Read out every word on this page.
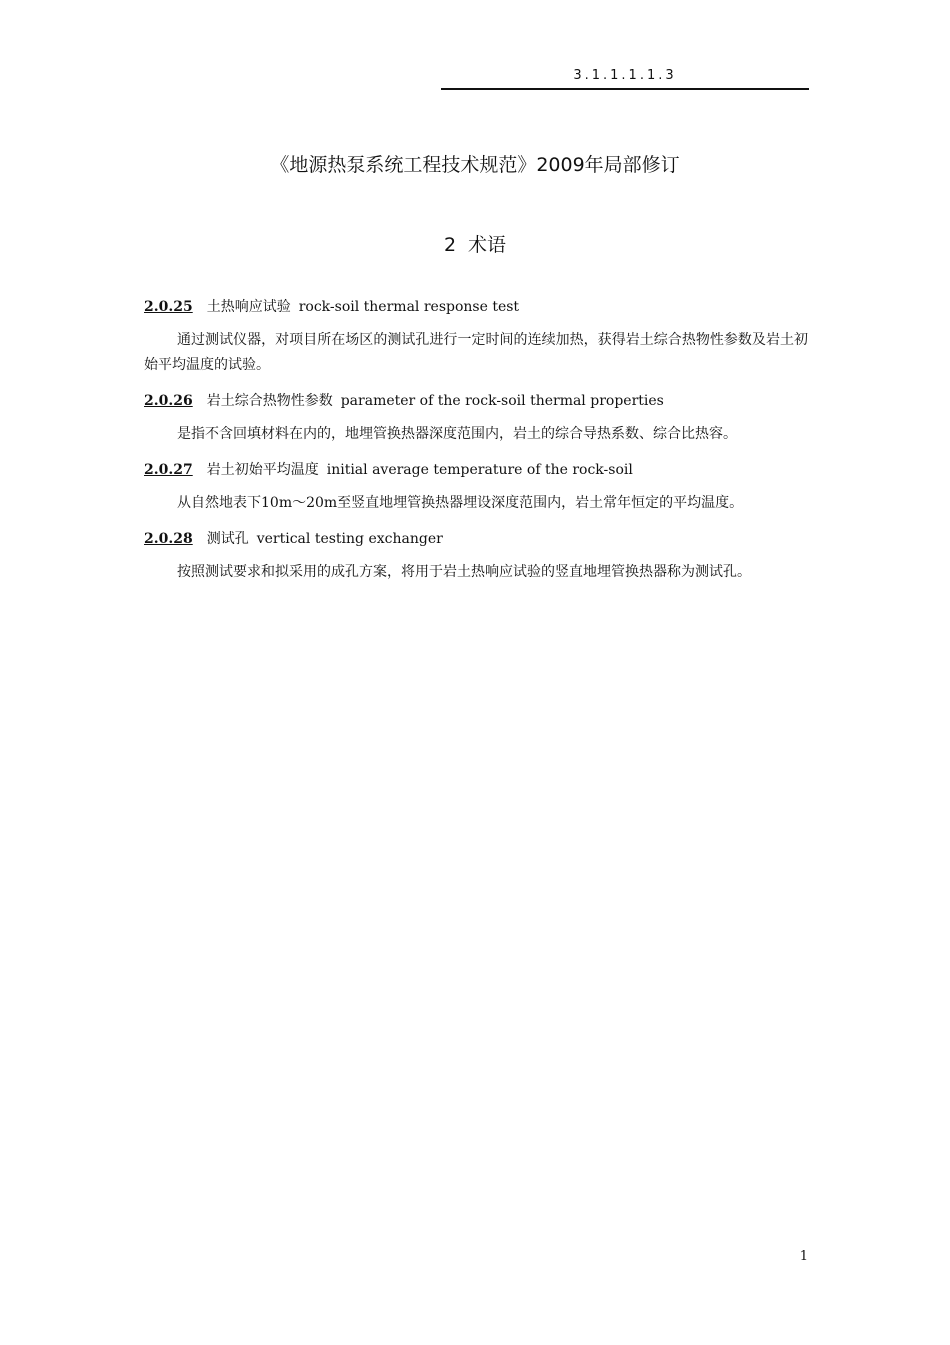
3.1.1.1.1.3
《地源热泵系统工程技术规范》2009年局部修订
2 术语

2.0.25 土热响应试验 rock-soil thermal response test

通过测试仪器，对项目所在场区的测试孔进行一定时间的连续加热，获得岩土综合热物性参数及岩土初始平均温度的试验。

2.0.26 岩土综合热物性参数 parameter of the rock-soil thermal properties

是指不含回填材料在内的，地埋管换热器深度范围内，岩土的综合导热系数、综合比热容。

2.0.27 岩土初始平均温度 initial average temperature of the rock-soil

从自然地表下10m～20m至竖直地埋管换热器埋设深度范围内，岩土常年恒定的平均温度。

2.0.28 测试孔 vertical testing exchanger

按照测试要求和拟采用的成孔方案，将用于岩土热响应试验的竖直地埋管换热器称为测试孔。

1
